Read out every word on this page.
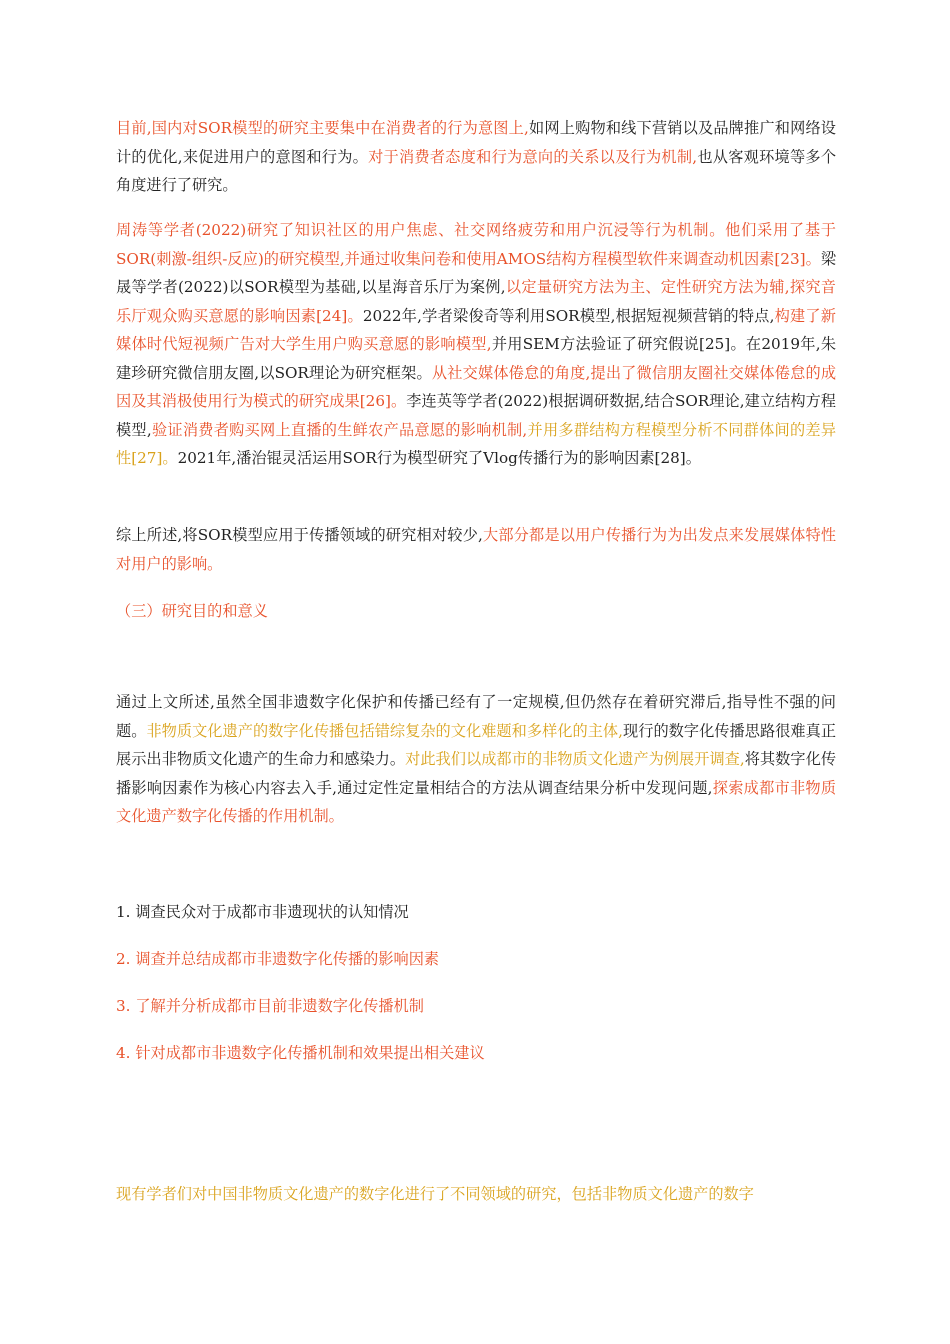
目前,国内对SOR模型的研究主要集中在消费者的行为意图上,如网上购物和线下营销以及品牌推广和网络设计的优化,来促进用户的意图和行为。对于消费者态度和行为意向的关系以及行为机制,也从客观环境等多个角度进行了研究。

周涛等学者(2022)研究了知识社区的用户焦虑、社交网络疲劳和用户沉浸等行为机制。他们采用了基于SOR(刺激-组织-反应)的研究模型,并通过收集问卷和使用AMOS结构方程模型软件来调查动机因素[23]。梁晟等学者(2022)以SOR模型为基础,以星海音乐厅为案例,以定量研究方法为主、定性研究方法为辅,探究音乐厅观众购买意愿的影响因素[24]。2022年,学者梁俊奇等利用SOR模型,根据短视频营销的特点,构建了新媒体时代短视频广告对大学生用户购买意愿的影响模型,并用SEM方法验证了研究假说[25]。在2019年,朱建珍研究微信朋友圈,以SOR理论为研究框架。从社交媒体倦怠的角度,提出了微信朋友圈社交媒体倦怠的成因及其消极使用行为模式的研究成果[26]。李连英等学者(2022)根据调研数据,结合SOR理论,建立结构方程模型,验证消费者购买网上直播的生鲜农产品意愿的影响机制,并用多群结构方程模型分析不同群体间的差异性[27]。2021年,潘治锟灵活运用SOR行为模型研究了Vlog传播行为的影响因素[28]。

综上所述,将SOR模型应用于传播领域的研究相对较少,大部分都是以用户传播行为为出发点来发展媒体特性对用户的影响。

（三）研究目的和意义

通过上文所述,虽然全国非遗数字化保护和传播已经有了一定规模,但仍然存在着研究滞后,指导性不强的问题。非物质文化遗产的数字化传播包括错综复杂的文化难题和多样化的主体,现行的数字化传播思路很难真正展示出非物质文化遗产的生命力和感染力。对此我们以成都市的非物质文化遗产为例展开调查,将其数字化传播影响因素作为核心内容去入手,通过定性定量相结合的方法从调查结果分析中发现问题,探索成都市非物质文化遗产数字化传播的作用机制。

1. 调查民众对于成都市非遗现状的认知情况

2. 调查并总结成都市非遗数字化传播的影响因素

3. 了解并分析成都市目前非遗数字化传播机制

4. 针对成都市非遗数字化传播机制和效果提出相关建议

现有学者们对中国非物质文化遗产的数字化进行了不同领域的研究，包括非物质文化遗产的数字
